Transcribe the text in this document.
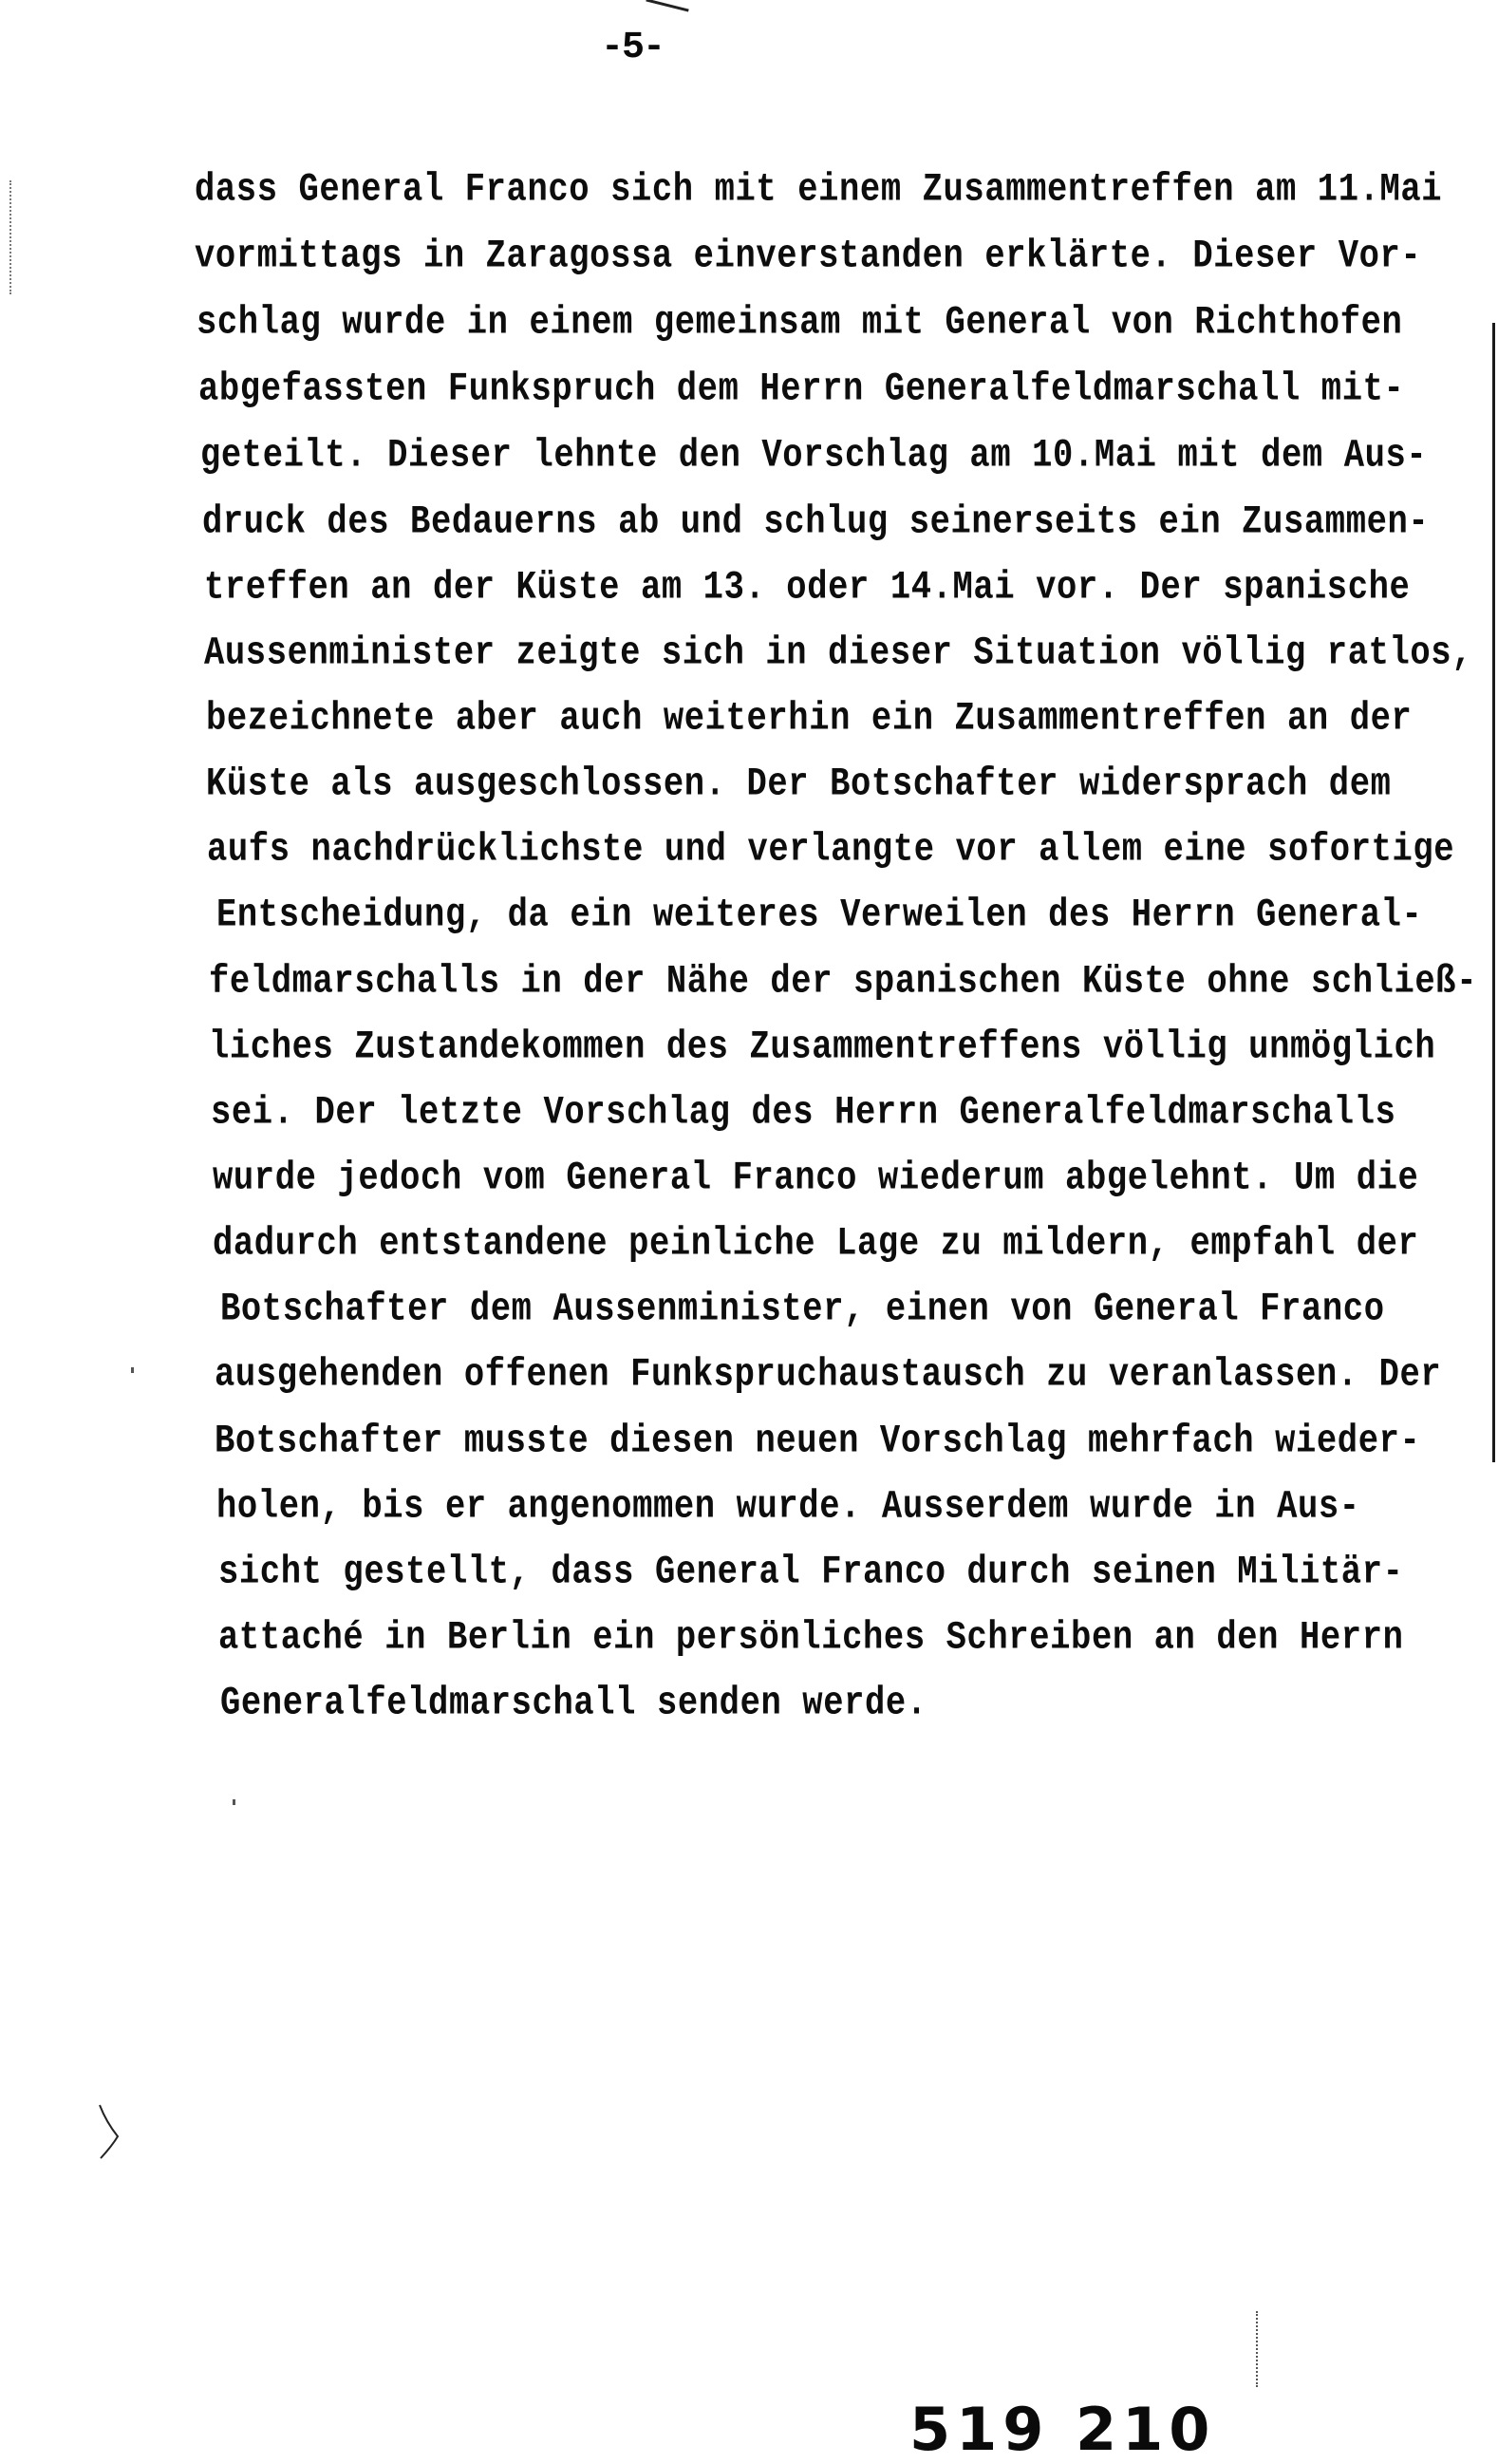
-5-
dass General Franco sich mit einem Zusammentreffen am 11.Mai
vormittags in Zaragossa einverstanden erklärte. Dieser Vor-
schlag wurde in einem gemeinsam mit General von Richthofen
abgefassten Funkspruch dem Herrn Generalfeldmarschall mit-
geteilt. Dieser lehnte den Vorschlag am 10.Mai mit dem Aus-
druck des Bedauerns ab und schlug seinerseits ein Zusammen-
treffen an der Küste am 13. oder 14.Mai vor. Der spanische
Aussenminister zeigte sich in dieser Situation völlig ratlos,
bezeichnete aber auch weiterhin ein Zusammentreffen an der
Küste als ausgeschlossen. Der Botschafter widersprach dem
aufs nachdrücklichste und verlangte vor allem eine sofortige
Entscheidung, da ein weiteres Verweilen des Herrn General-
feldmarschalls in der Nähe der spanischen Küste ohne schließ-
liches Zustandekommen des Zusammentreffens völlig unmöglich
sei. Der letzte Vorschlag des Herrn Generalfeldmarschalls
wurde jedoch vom General Franco wiederum abgelehnt. Um die
dadurch entstandene peinliche Lage zu mildern, empfahl der
Botschafter dem Aussenminister, einen von General Franco
ausgehenden offenen Funkspruchaustausch zu veranlassen. Der
Botschafter musste diesen neuen Vorschlag mehrfach wieder-
holen, bis er angenommen wurde. Ausserdem wurde in Aus-
sicht gestellt, dass General Franco durch seinen Militär-
attaché in Berlin ein persönliches Schreiben an den Herrn
Generalfeldmarschall senden werde.
519 210
